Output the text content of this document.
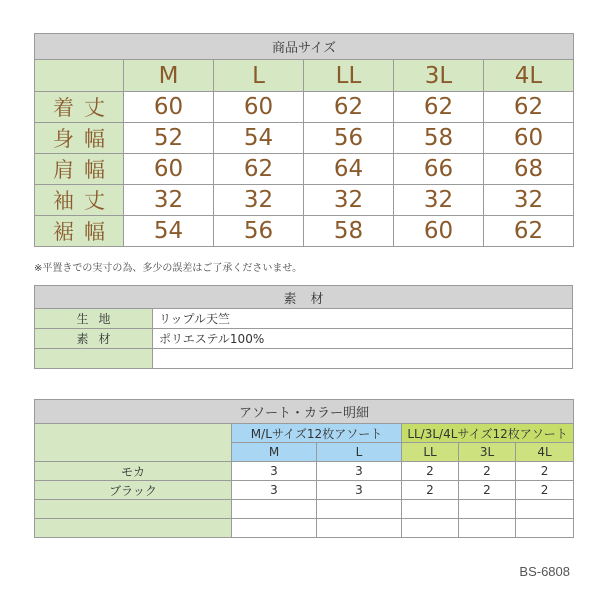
商品サイズ					
	M	L	LL	3L	4L
着丈	60	60	62	62	62
身幅	52	54	56	58	60
肩幅	60	62	64	66	68
袖丈	32	32	32	32	32
裾幅	54	56	58	60	62
※平置きでの実寸の為、多少の誤差はご了承くださいませ。
素材	
生地	リップル天竺
素材	ポリエステル100%

アソート・カラー明細					
	M/Lサイズ12枚アソート		LL/3L/4Lサイズ12枚アソート		
	M	L	LL	3L	4L
モカ	3	3	2	2	2
ブラック	3	3	2	2	2

BS-6808
